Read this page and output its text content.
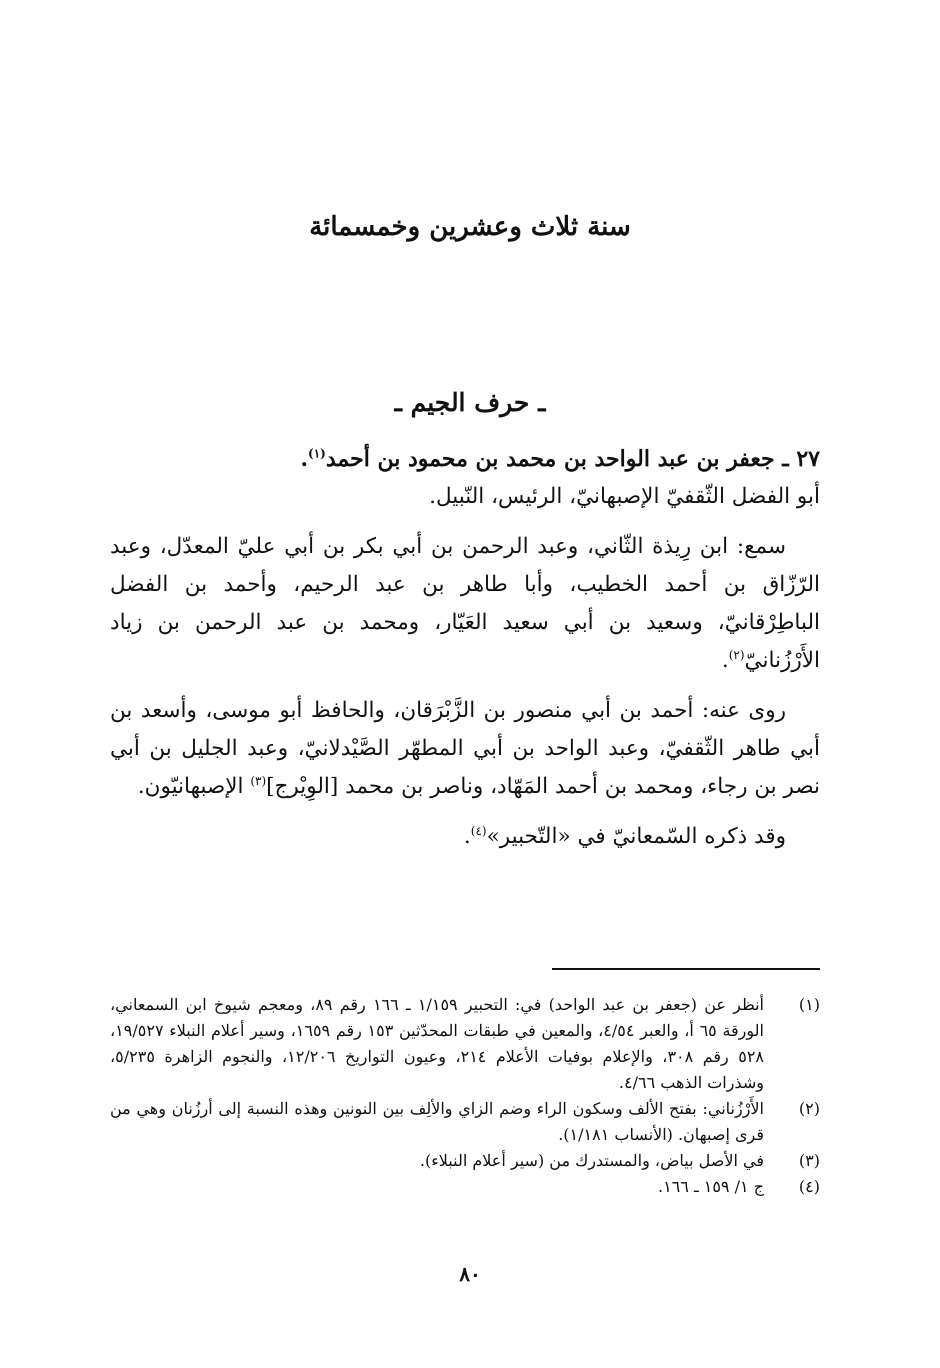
سنة ثلاث وعشرين وخمسمائة
ـ حرف الجيم ـ

٢٧ ـ جعفر بن عبد الواحد بن محمد بن محمود بن أحمد$^{(١)}$.

أبو الفضل الثّقفيّ الإصبهانيّ، الرئيس، النّبيل.

سمع: ابن رِيذة الثّاني، وعبد الرحمن بن أبي بكر بن أبي عليّ المعدّل، وعبد الرّزّاق بن أحمد الخطيب، وأبا طاهر بن عبد الرحيم، وأحمد بن الفضل الباطِرْقانيّ، وسعيد بن أبي سعيد العَيّار، ومحمد بن عبد الرحمن بن زياد الأَرْزُنانيّ$^{(٢)}$.

روى عنه: أحمد بن أبي منصور بن الزَّبْرَقان، والحافظ أبو موسى، وأسعد بن أبي طاهر الثّقفيّ، وعبد الواحد بن أبي المطهّر الصَّيْدلانيّ، وعبد الجليل بن أبي نصر بن رجاء، ومحمد بن أحمد المَهّاد، وناصر بن محمد [الوِيْرج]$^{(٣)}$ الإصبهانيّون.

وقد ذكره السّمعانيّ في «التّحبير»$^{(٤)}$.

(١)
أنظر عن (جعفر بن عبد الواحد) في: التحبير ١/١٥٩ ـ ١٦٦ رقم ٨٩، ومعجم شيوخ ابن السمعاني، الورقة ٦٥ أ، والعبر ٤/٥٤، والمعين في طبقات المحدّثين ١٥٣ رقم ١٦٥٩، وسير أعلام النبلاء ١٩/٥٢٧، ٥٢٨ رقم ٣٠٨، والإعلام بوفيات الأعلام ٢١٤، وعيون التواريخ ١٢/٢٠٦، والنجوم الزاهرة ٥/٢٣٥، وشذرات الذهب ٤/٦٦.
(٢)
الأَرْزُناني: بفتح الألف وسكون الراء وضم الزاي والألِف بين النونين وهذه النسبة إلى أرزُنان وهي من قرى إصبهان. (الأنساب ١/١٨١).
(٣)
في الأصل بياض، والمستدرك من (سير أعلام النبلاء).
(٤)
ج ١/ ١٥٩ ـ ١٦٦.
٨٠
